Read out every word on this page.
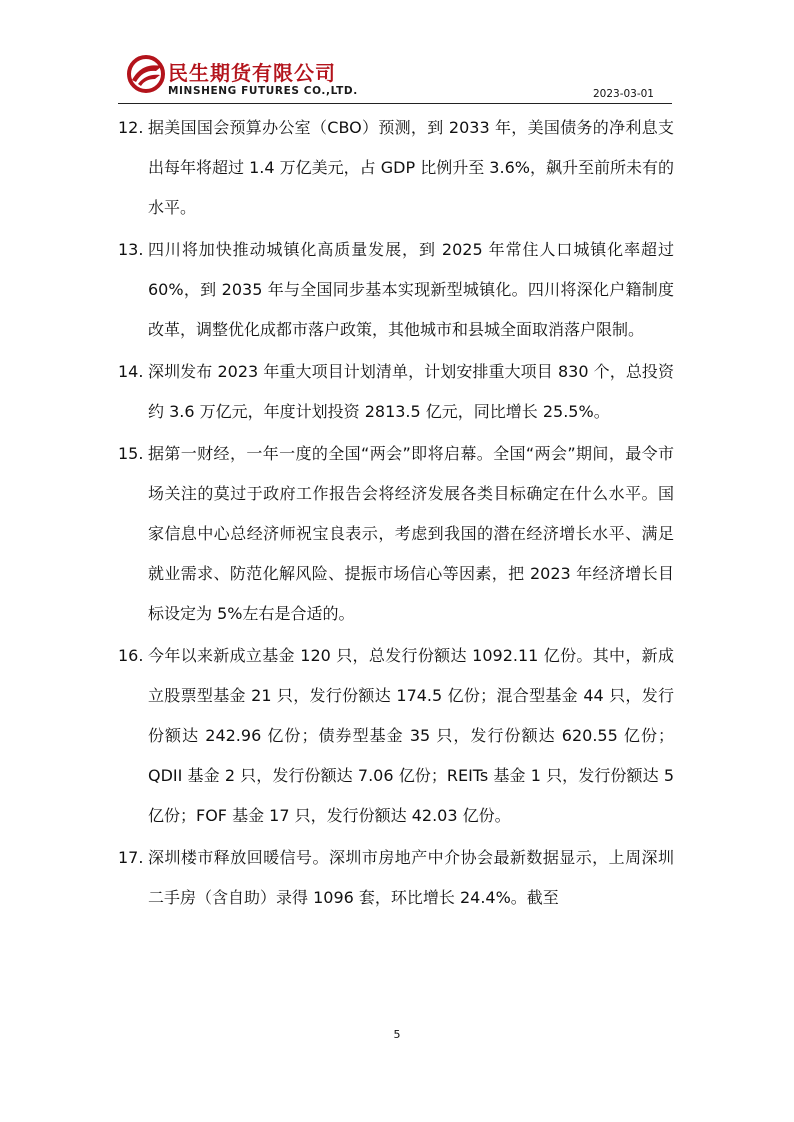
民生期货有限公司
MINSHENG FUTURES CO.,LTD.	2023-03-01
12. 据美国国会预算办公室（CBO）预测，到 2033 年，美国债务的净利息支出每年将超过 1.4 万亿美元，占 GDP 比例升至 3.6%，飙升至前所未有的水平。
13. 四川将加快推动城镇化高质量发展，到 2025 年常住人口城镇化率超过 60%，到 2035 年与全国同步基本实现新型城镇化。四川将深化户籍制度改革，调整优化成都市落户政策，其他城市和县城全面取消落户限制。
14. 深圳发布 2023 年重大项目计划清单，计划安排重大项目 830 个，总投资约 3.6 万亿元，年度计划投资 2813.5 亿元，同比增长 25.5%。
15. 据第一财经，一年一度的全国“两会”即将启幕。全国“两会”期间，最令市场关注的莫过于政府工作报告会将经济发展各类目标确定在什么水平。国家信息中心总经济师祝宝良表示，考虑到我国的潜在经济增长水平、满足就业需求、防范化解风险、提振市场信心等因素，把 2023 年经济增长目标设定为 5%左右是合适的。
16. 今年以来新成立基金 120 只，总发行份额达 1092.11 亿份。其中，新成立股票型基金 21 只，发行份额达 174.5 亿份；混合型基金 44 只，发行份额达 242.96 亿份；债券型基金 35 只，发行份额达 620.55 亿份；QDII 基金 2 只，发行份额达 7.06 亿份；REITs 基金 1 只，发行份额达 5 亿份；FOF 基金 17 只，发行份额达 42.03 亿份。
17. 深圳楼市释放回暖信号。深圳市房地产中介协会最新数据显示，上周深圳二手房（含自助）录得 1096 套，环比增长 24.4%。截至
5
